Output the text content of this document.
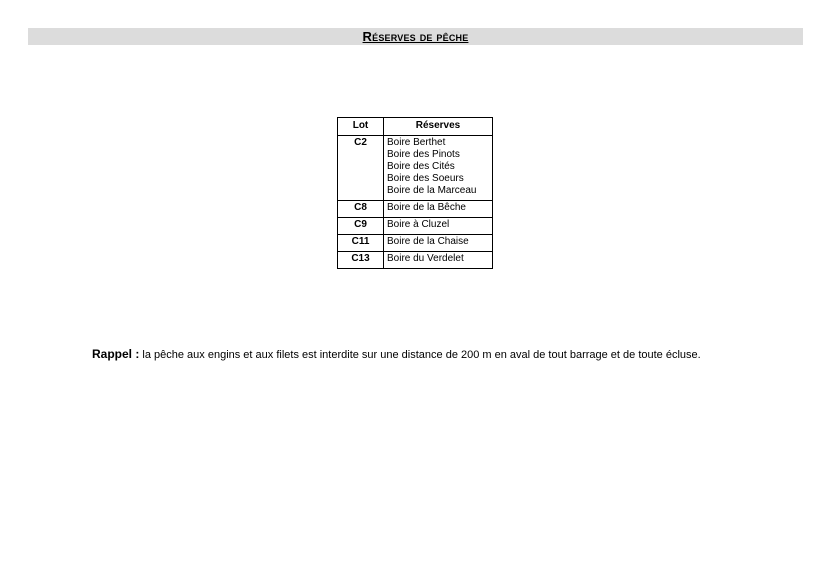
Réserves de pêche
Lot	Réserves
C2	Boire Berthet
Boire des Pinots
Boire des Cités
Boire des Soeurs
Boire de la Marceau

C8	Boire de la Bêche

C9	Boire à Cluzel

C11	Boire de la Chaise

C13	Boire du Verdelet
Rappel : la pêche aux engins et aux filets est interdite sur une distance de 200 m en aval de tout barrage et de toute écluse.
